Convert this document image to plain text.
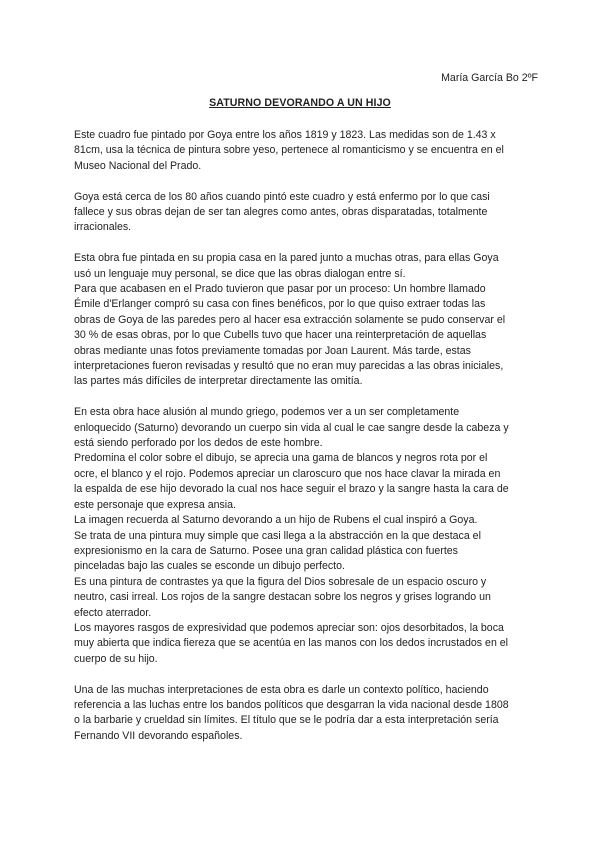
María García Bo 2ºF
SATURNO DEVORANDO A UN HIJO

Este cuadro fue pintado por Goya entre los años 1819 y 1823. Las medidas son de 1.43 x
81cm, usa la técnica de pintura sobre yeso, pertenece al romanticismo y se encuentra en el
Museo Nacional del Prado.

Goya está cerca de los 80 años cuando pintó este cuadro y está enfermo por lo que casi
fallece y sus obras dejan de ser tan alegres como antes, obras disparatadas, totalmente
irracionales.

Esta obra fue pintada en su propia casa en la pared junto a muchas otras, para ellas Goya
usó un lenguaje muy personal, se dice que las obras dialogan entre sí.

Para que acabasen en el Prado tuvieron que pasar por un proceso: Un hombre llamado
Émile d'Erlanger compró su casa con fines benéficos, por lo que quiso extraer todas las
obras de Goya de las paredes pero al hacer esa extracción solamente se pudo conservar el
30 % de esas obras, por lo que Cubells tuvo que hacer una reinterpretación de aquellas
obras mediante unas fotos previamente tomadas por Joan Laurent. Más tarde, estas
interpretaciones fueron revisadas y resultó que no eran muy parecidas a las obras iniciales,
las partes más difíciles de interpretar directamente las omitía.

En esta obra hace alusión al mundo griego, podemos ver a un ser completamente
enloquecido (Saturno) devorando un cuerpo sin vida al cual le cae sangre desde la cabeza y
está siendo perforado por los dedos de este hombre.

Predomina el color sobre el dibujo, se aprecia una gama de blancos y negros rota por el
ocre, el blanco y el rojo. Podemos apreciar un claroscuro que nos hace clavar la mirada en
la espalda de ese hijo devorado la cual nos hace seguir el brazo y la sangre hasta la cara de
este personaje que expresa ansia.

La imagen recuerda al Saturno devorando a un hijo de Rubens el cual inspiró a Goya.

Se trata de una pintura muy simple que casi llega a la abstracción en la que destaca el
expresionismo en la cara de Saturno. Posee una gran calidad plástica con fuertes
pinceladas bajo las cuales se esconde un dibujo perfecto.

Es una pintura de contrastes ya que la figura del Dios sobresale de un espacio oscuro y
neutro, casi irreal. Los rojos de la sangre destacan sobre los negros y grises logrando un
efecto aterrador.

Los mayores rasgos de expresividad que podemos apreciar son: ojos desorbitados, la boca
muy abierta que indica fiereza que se acentúa en las manos con los dedos incrustados en el
cuerpo de su hijo.

Una de las muchas interpretaciones de esta obra es darle un contexto político, haciendo
referencia a las luchas entre los bandos políticos que desgarran la vida nacional desde 1808
o la barbarie y crueldad sin límites. El título que se le podría dar a esta interpretación sería
Fernando VII devorando españoles.
